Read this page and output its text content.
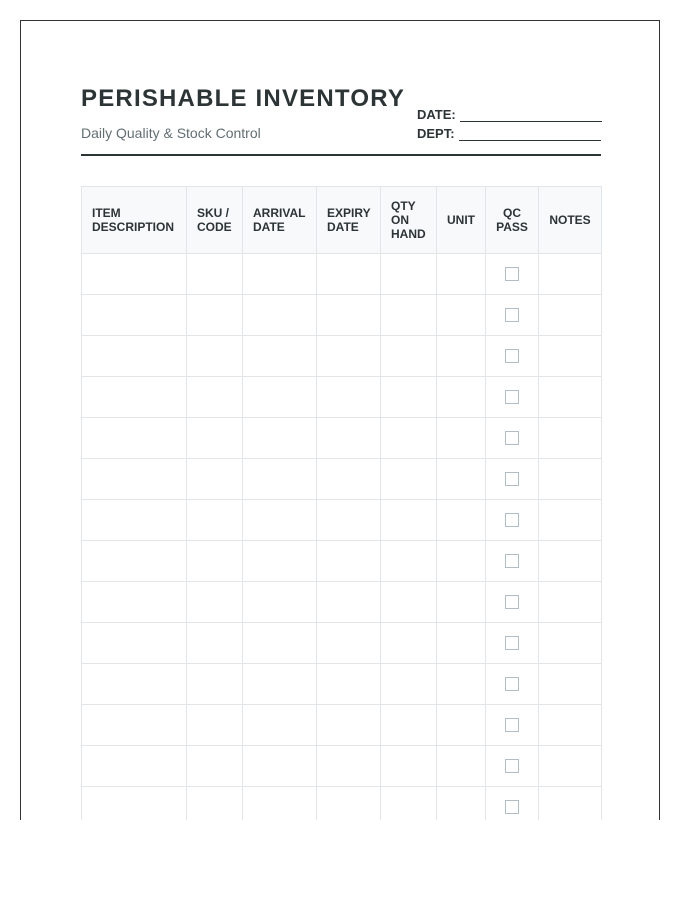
PERISHABLE INVENTORY
Daily Quality & Stock Control
DATE:
DEPT:
ITEM DESCRIPTION	SKU / CODE	ARRIVAL DATE	EXPIRY DATE	QTY ON HAND	UNIT	QC PASS	NOTES
